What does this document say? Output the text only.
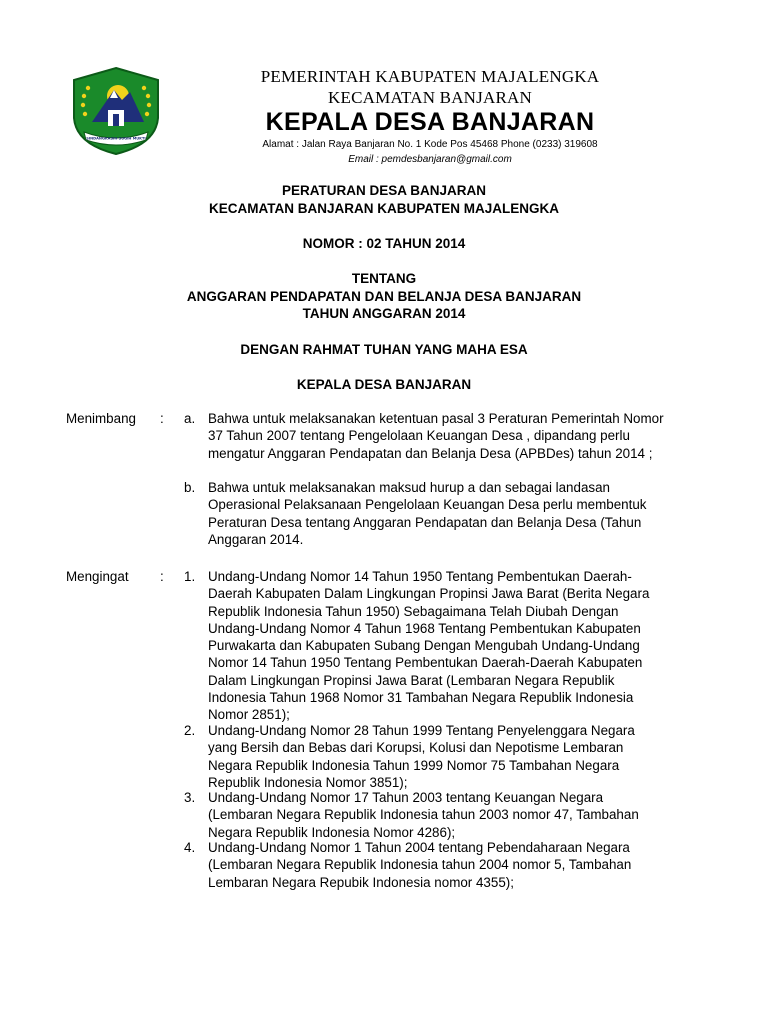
SINDANGKASIH SUGIH MUKTI
PEMERINTAH KABUPATEN MAJALENGKA
KECAMATAN BANJARAN
KEPALA DESA BANJARAN
Alamat : Jalan Raya Banjaran No. 1 Kode Pos 45468 Phone (0233) 319608
Email : pemdesbanjaran@gmail.com
PERATURAN DESA BANJARAN
KECAMATAN BANJARAN KABUPATEN MAJALENGKA
NOMOR : 02 TAHUN 2014
TENTANG
ANGGARAN PENDAPATAN DAN BELANJA DESA BANJARAN
TAHUN ANGGARAN 2014
DENGAN RAHMAT TUHAN YANG MAHA ESA
KEPALA DESA BANJARAN
Menimbang : a. Bahwa untuk melaksanakan ketentuan pasal 3 Peraturan Pemerintah Nomor
37 Tahun 2007 tentang Pengelolaan Keuangan Desa , dipandang perlu
mengatur Anggaran Pendapatan dan Belanja Desa (APBDes) tahun 2014 ;
b. Bahwa untuk melaksanakan maksud hurup a dan sebagai landasan
Operasional Pelaksanaan Pengelolaan Keuangan Desa perlu membentuk
Peraturan Desa tentang Anggaran Pendapatan dan Belanja Desa (Tahun
Anggaran 2014.
Mengingat : 1. Undang-Undang Nomor 14 Tahun 1950 Tentang Pembentukan Daerah-
Daerah Kabupaten Dalam Lingkungan Propinsi Jawa Barat (Berita Negara
Republik Indonesia Tahun 1950) Sebagaimana Telah Diubah Dengan
Undang-Undang Nomor 4 Tahun 1968 Tentang Pembentukan Kabupaten
Purwakarta dan Kabupaten Subang Dengan Mengubah Undang-Undang
Nomor 14 Tahun 1950 Tentang Pembentukan Daerah-Daerah Kabupaten
Dalam Lingkungan Propinsi Jawa Barat (Lembaran Negara Republik
Indonesia Tahun 1968 Nomor 31 Tambahan Negara Republik Indonesia
Nomor 2851);
2. Undang-Undang Nomor 28 Tahun 1999 Tentang Penyelenggara Negara
yang Bersih dan Bebas dari Korupsi, Kolusi dan Nepotisme Lembaran
Negara Republik Indonesia Tahun 1999 Nomor 75 Tambahan Negara
Republik Indonesia Nomor 3851);
3. Undang-Undang Nomor 17 Tahun 2003 tentang Keuangan Negara
(Lembaran Negara Republik Indonesia tahun 2003 nomor 47, Tambahan
Negara Republik Indonesia Nomor 4286);
4. Undang-Undang Nomor 1 Tahun 2004 tentang Pebendaharaan Negara
(Lembaran Negara Republik Indonesia tahun 2004 nomor 5, Tambahan
Lembaran Negara Repubik Indonesia nomor 4355);
